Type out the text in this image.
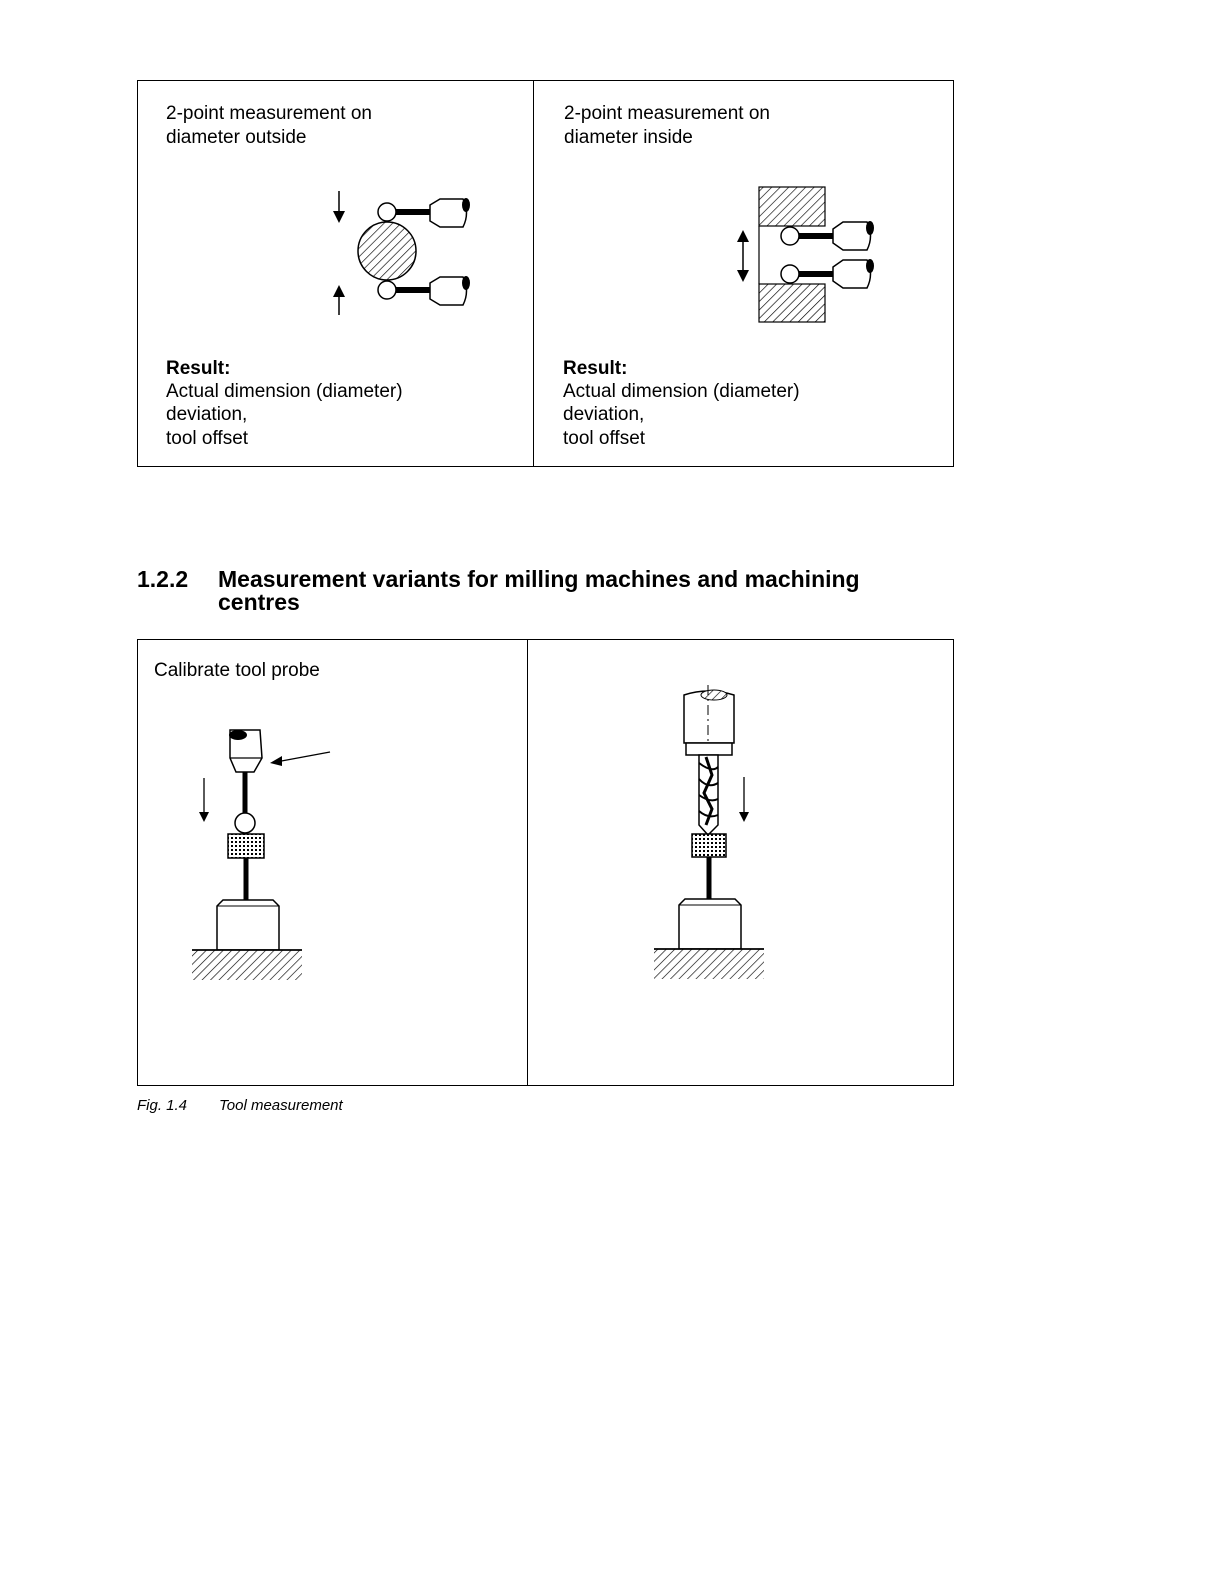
2-point measurement on
diameter outside
Result:
Actual dimension (diameter)
deviation,
tool offset
2-point measurement on
diameter inside
Result:
Actual dimension (diameter)
deviation,
tool offset
1.2.2 Measurement variants for milling machines and machining
centres
Calibrate tool probe
Fig. 1.4 Tool measurement
